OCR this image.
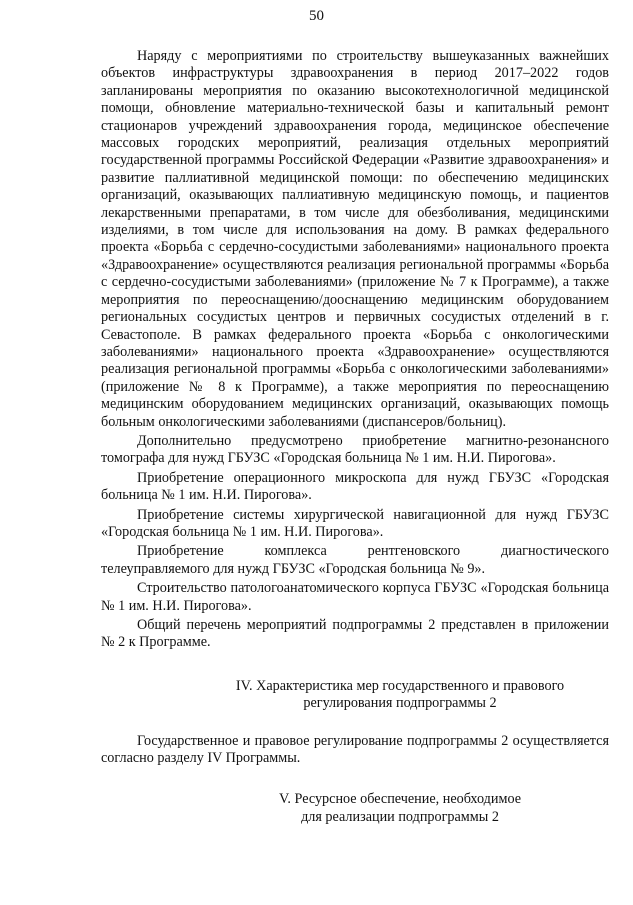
50

Наряду с мероприятиями по строительству вышеуказанных важнейших объектов инфраструктуры здравоохранения в период 2017–2022 годов запланированы мероприятия по оказанию высокотехнологичной медицинской помощи, обновление материально-технической базы и капитальный ремонт стационаров учреждений здравоохранения города, медицинское обеспечение массовых городских мероприятий, реализация отдельных мероприятий государственной программы Российской Федерации «Развитие здравоохранения» и развитие паллиативной медицинской помощи: по обеспечению медицинских организаций, оказывающих паллиативную медицинскую помощь, и пациентов лекарственными препаратами, в том числе для обезболивания, медицинскими изделиями, в том числе для использования на дому. В рамках федерального проекта «Борьба с сердечно-сосудистыми заболеваниями» национального проекта «Здравоохранение» осуществляются реализация региональной программы «Борьба с сердечно-сосудистыми заболеваниями» (приложение № 7 к Программе), а также мероприятия по переоснащению/дооснащению медицинским оборудованием региональных сосудистых центров и первичных сосудистых отделений в г. Севастополе. В рамках федерального проекта «Борьба с онкологическими заболеваниями» национального проекта «Здравоохранение» осуществляются реализация региональной программы «Борьба с онкологическими заболеваниями» (приложение № 8 к Программе), а также мероприятия по переоснащению медицинским оборудованием медицинских организаций, оказывающих помощь больным онкологическими заболеваниями (диспансеров/больниц).

Дополнительно предусмотрено приобретение магнитно-резонансного томографа для нужд ГБУЗС «Городская больница № 1 им. Н.И. Пирогова».

Приобретение операционного микроскопа для нужд ГБУЗС «Городская больница № 1 им. Н.И. Пирогова».

Приобретение системы хирургической навигационной для нужд ГБУЗС «Городская больница № 1 им. Н.И. Пирогова».

Приобретение комплекса рентгеновского диагностического телеуправляемого для нужд ГБУЗС «Городская больница № 9».

Строительство патологоанатомического корпуса ГБУЗС «Городская больница № 1 им. Н.И. Пирогова».

Общий перечень мероприятий подпрограммы 2 представлен в приложении № 2 к Программе.

IV. Характеристика мер государственного и правового
регулирования подпрограммы 2

Государственное и правовое регулирование подпрограммы 2 осуществляется согласно разделу IV Программы.

V. Ресурсное обеспечение, необходимое
для реализации подпрограммы 2
